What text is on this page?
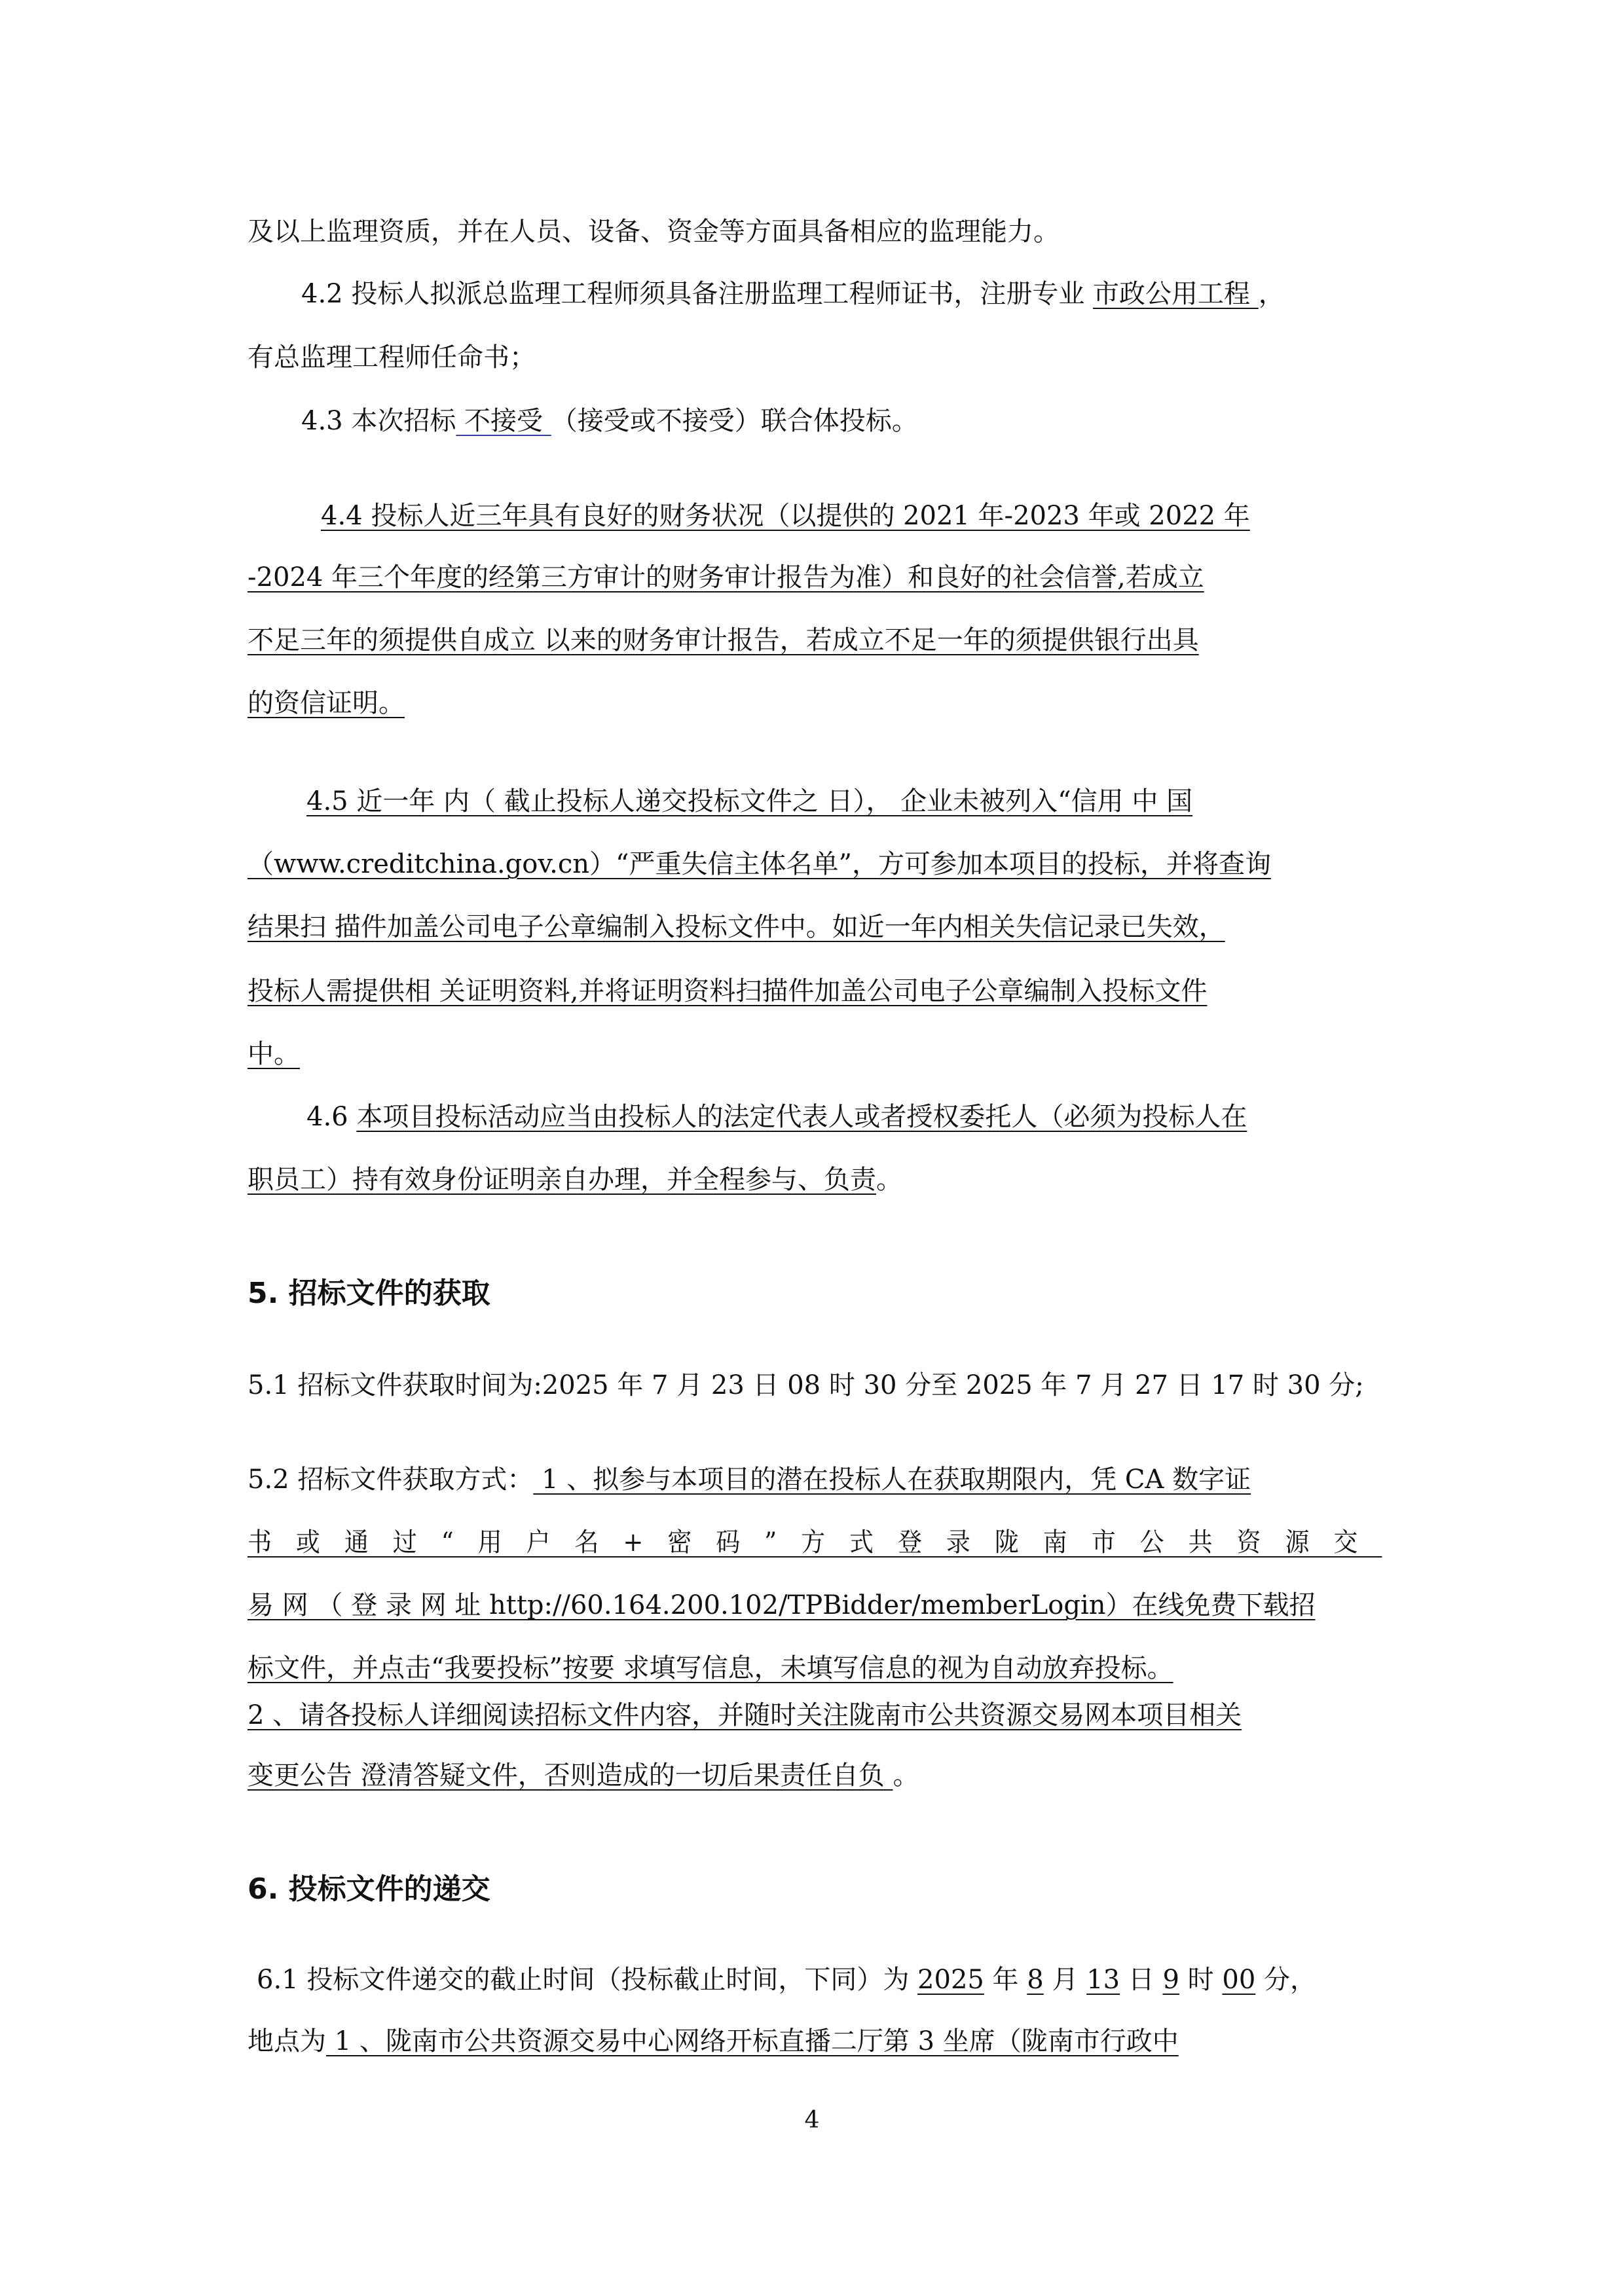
及以上监理资质，并在人员、设备、资金等方面具备相应的监理能力。
4.2 投标人拟派总监理工程师须具备注册监理工程师证书，注册专业 市政公用工程 ，
有总监理工程师任命书；
4.3 本次招标 不接受 （接受或不接受）联合体投标。
4.4 投标人近三年具有良好的财务状况（以提供的 2021 年-2023 年或 2022 年
-2024 年三个年度的经第三方审计的财务审计报告为准）和良好的社会信誉,若成立
不足三年的须提供自成立 以来的财务审计报告，若成立不足一年的须提供银行出具
的资信证明。
4.5 近一年 内（ 截止投标人递交投标文件之 日）， 企业未被列入“信用 中 国
（www.creditchina.gov.cn）“严重失信主体名单”，方可参加本项目的投标，并将查询
结果扫 描件加盖公司电子公章编制入投标文件中。如近一年内相关失信记录已失效，
投标人需提供相 关证明资料,并将证明资料扫描件加盖公司电子公章编制入投标文件
中。
4.6 本项目投标活动应当由投标人的法定代表人或者授权委托人（必须为投标人在
职员工）持有效身份证明亲自办理，并全程参与、负责。
5. 招标文件的获取
5.1 招标文件获取时间为:2025 年 7 月 23 日 08 时 30 分至 2025 年 7 月 27 日 17 时 30 分;
5.2 招标文件获取方式： 1 、拟参与本项目的潜在投标人在获取期限内，凭 CA 数字证
书或通过“用户名+密码”方式登录陇南市公共资源交
易 网 （ 登 录 网 址 http://60.164.200.102/TPBidder/memberLogin）在线免费下载招
标文件，并点击“我要投标”按要 求填写信息，未填写信息的视为自动放弃投标。
2 、请各投标人详细阅读招标文件内容，并随时关注陇南市公共资源交易网本项目相关
变更公告 澄清答疑文件，否则造成的一切后果责任自负 。
6. 投标文件的递交
6.1 投标文件递交的截止时间（投标截止时间，下同）为 2025 年 8 月 13 日 9 时 00 分，
地点为 1 、陇南市公共资源交易中心网络开标直播二厅第 3 坐席（陇南市行政中
4
